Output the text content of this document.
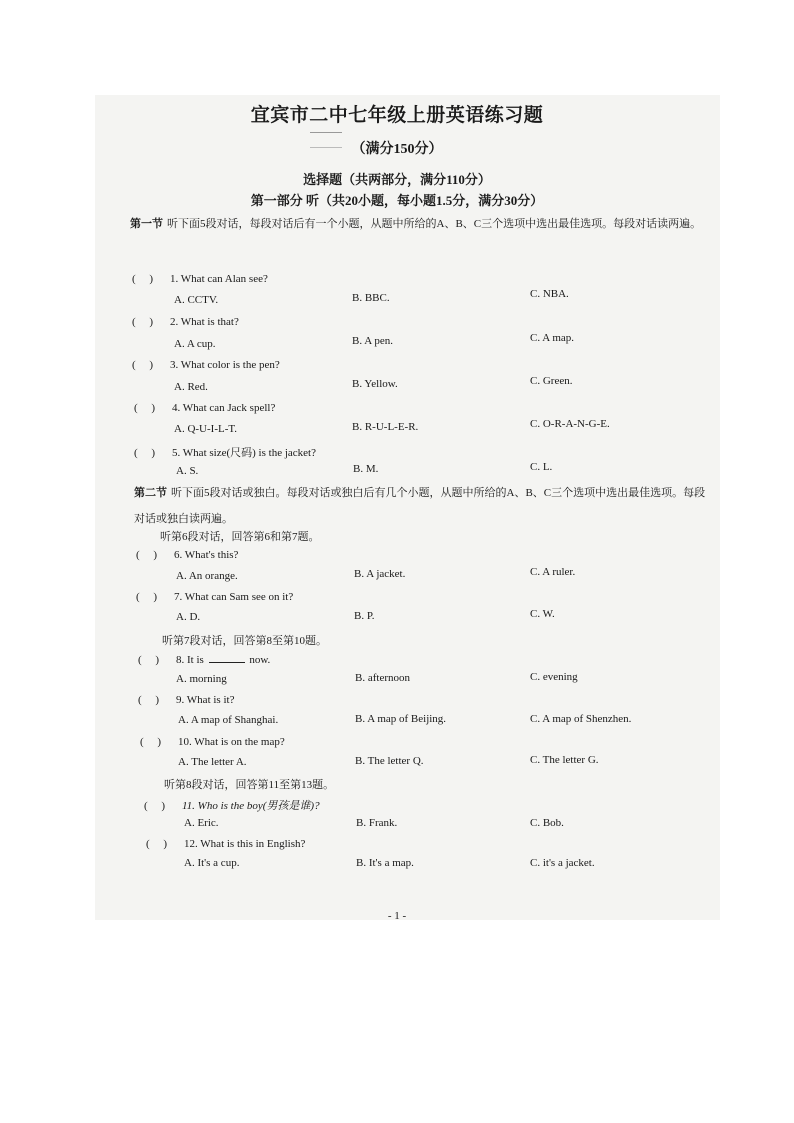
宜宾市二中七年级上册英语练习题
（满分150分）
选择题（共两部分，满分110分）
第一部分 听（共20小题，每小题1.5分，满分30分）
第一节 听下面5段对话，每段对话后有一个小题，从题中所给的A、B、C三个选项中选出最佳选项。每段对话读两遍。
(     ) 1. What can Alan see?
A. CCTV.	B. BBC.	C. NBA.
(     ) 2. What is that?
A. A cup.	B. A pen.	C. A map.
(     ) 3. What color is the pen?
A. Red.	B. Yellow.	C. Green.
(     ) 4. What can Jack spell?
A. Q-U-I-L-T.	B. R-U-L-E-R.	C. O-R-A-N-G-E.
(     ) 5. What size(尺码) is the jacket?
A. S.	B. M.	C. L.
第二节 听下面5段对话或独白。每段对话或独白后有几个小题，从题中所给的A、B、C三个选项中选出最佳选项。每段对话或独白读两遍。
听第6段对话，回答第6和第7题。
(     ) 6. What's this?
A. An orange.	B. A jacket.	C. A ruler.
(     ) 7. What can Sam see on it?
A. D.	B. P.	C. W.
听第7段对话，回答第8至第10题。
(     ) 8. It is	now.
A. morning	B. afternoon	C. evening
(     ) 9. What is it?
A. A map of Shanghai.	B. A map of Beijing.	C. A map of Shenzhen.
(     ) 10. What is on the map?
A. The letter A.	B. The letter Q.	C. The letter G.
听第8段对话，回答第11至第13题。
(     ) 11. Who is the boy(男孩是谁)?
A. Eric.	B. Frank.	C. Bob.
(     ) 12. What is this in English?
A. It's a cup.	B. It's a map.	C. it's a jacket.
- 1 -
